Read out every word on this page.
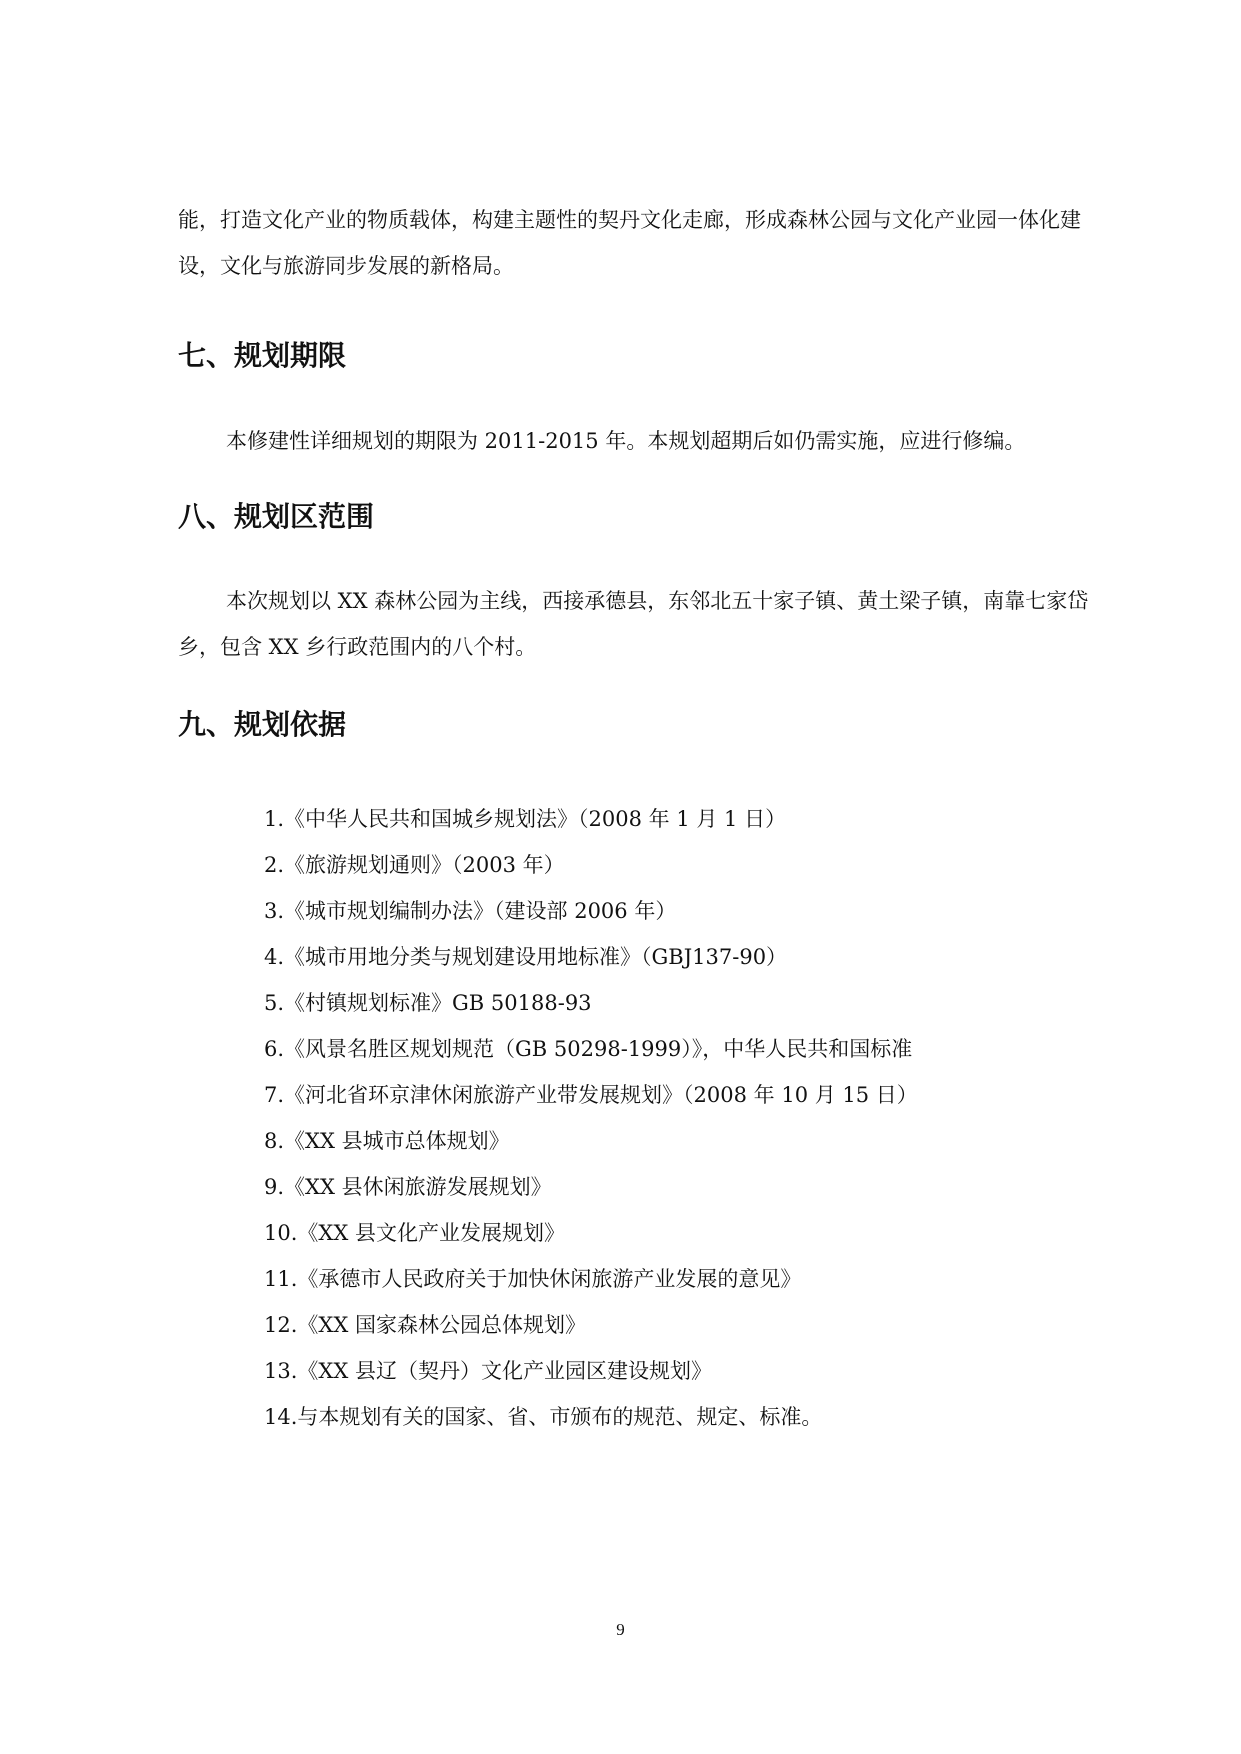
能，打造文化产业的物质载体，构建主题性的契丹文化走廊，形成森林公园与文化产业园一体化建设，文化与旅游同步发展的新格局。

七、规划期限

本修建性详细规划的期限为 2011-2015 年。本规划超期后如仍需实施，应进行修编。

八、规划区范围

本次规划以 XX 森林公园为主线，西接承德县，东邻北五十家子镇、黄土梁子镇，南靠七家岱乡，包含 XX 乡行政范围内的八个村。

九、规划依据
1.《中华人民共和国城乡规划法》（2008 年 1 月 1 日）
2.《旅游规划通则》（2003 年）
3.《城市规划编制办法》（建设部 2006 年）
4.《城市用地分类与规划建设用地标准》（GBJ137-90）
5.《村镇规划标准》GB 50188-93
6.《风景名胜区规划规范（GB 50298-1999）》，中华人民共和国标准
7.《河北省环京津休闲旅游产业带发展规划》（2008 年 10 月 15 日）
8.《XX 县城市总体规划》
9.《XX 县休闲旅游发展规划》
10.《XX 县文化产业发展规划》
11.《承德市人民政府关于加快休闲旅游产业发展的意见》
12.《XX 国家森林公园总体规划》
13.《XX 县辽（契丹）文化产业园区建设规划》
14.与本规划有关的国家、省、市颁布的规范、规定、标准。
9
